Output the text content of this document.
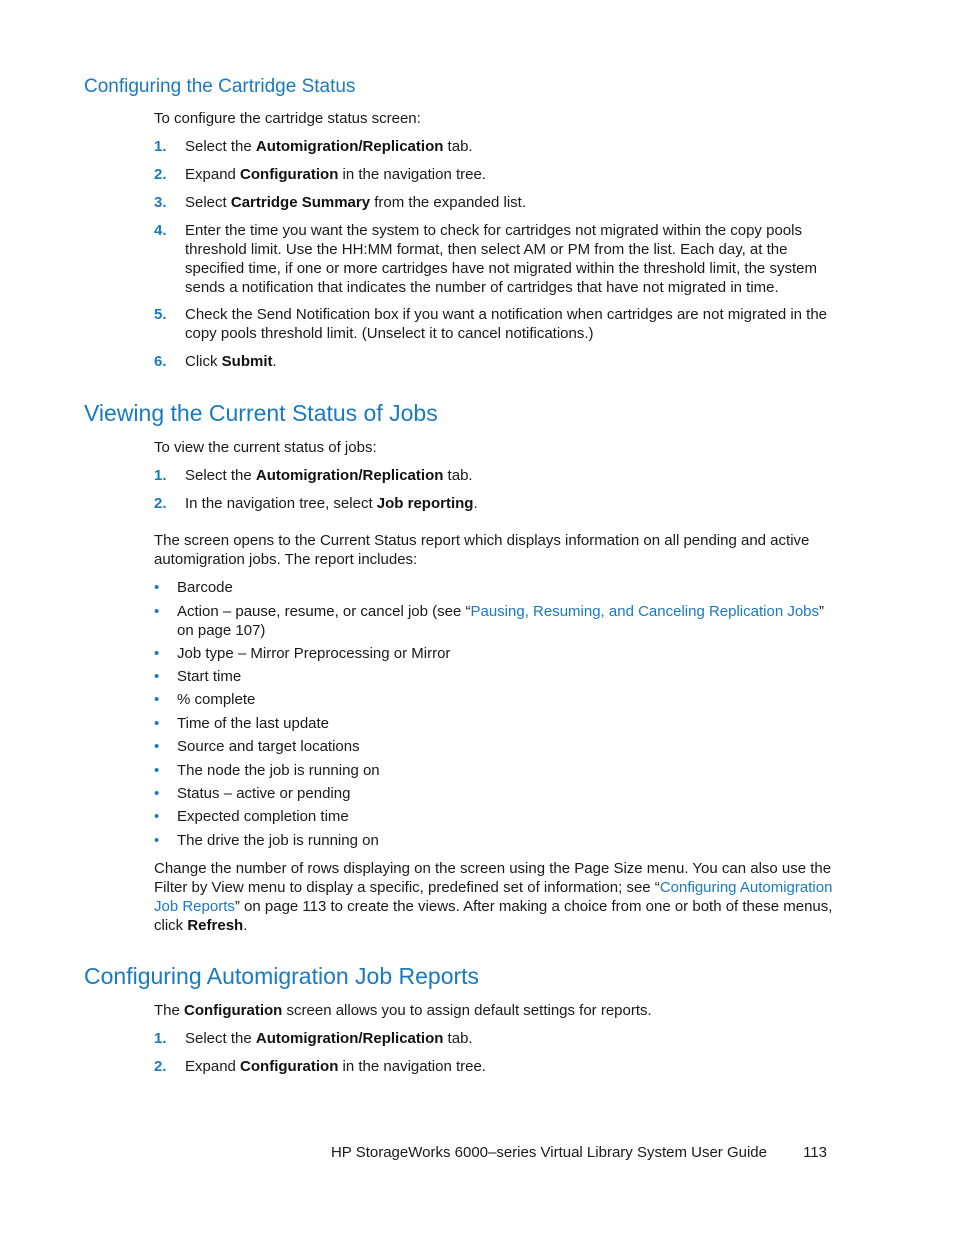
Configuring the Cartridge Status
To configure the cartridge status screen:
1. Select the Automigration/Replication tab.
2. Expand Configuration in the navigation tree.
3. Select Cartridge Summary from the expanded list.
4. Enter the time you want the system to check for cartridges not migrated within the copy pools threshold limit. Use the HH:MM format, then select AM or PM from the list. Each day, at the specified time, if one or more cartridges have not migrated within the threshold limit, the system sends a notification that indicates the number of cartridges that have not migrated in time.
5. Check the Send Notification box if you want a notification when cartridges are not migrated in the copy pools threshold limit. (Unselect it to cancel notifications.)
6. Click Submit.
Viewing the Current Status of Jobs
To view the current status of jobs:
1. Select the Automigration/Replication tab.
2. In the navigation tree, select Job reporting.
The screen opens to the Current Status report which displays information on all pending and active automigration jobs. The report includes:
• Barcode
• Action – pause, resume, or cancel job (see “Pausing, Resuming, and Canceling Replication Jobs” on page 107)
• Job type – Mirror Preprocessing or Mirror
• Start time
• % complete
• Time of the last update
• Source and target locations
• The node the job is running on
• Status – active or pending
• Expected completion time
• The drive the job is running on
Change the number of rows displaying on the screen using the Page Size menu. You can also use the Filter by View menu to display a specific, predefined set of information; see “Configuring Automigration Job Reports” on page 113 to create the views. After making a choice from one or both of these menus, click Refresh.
Configuring Automigration Job Reports
The Configuration screen allows you to assign default settings for reports.
1. Select the Automigration/Replication tab.
2. Expand Configuration in the navigation tree.
HP StorageWorks 6000–series Virtual Library System User Guide 113
